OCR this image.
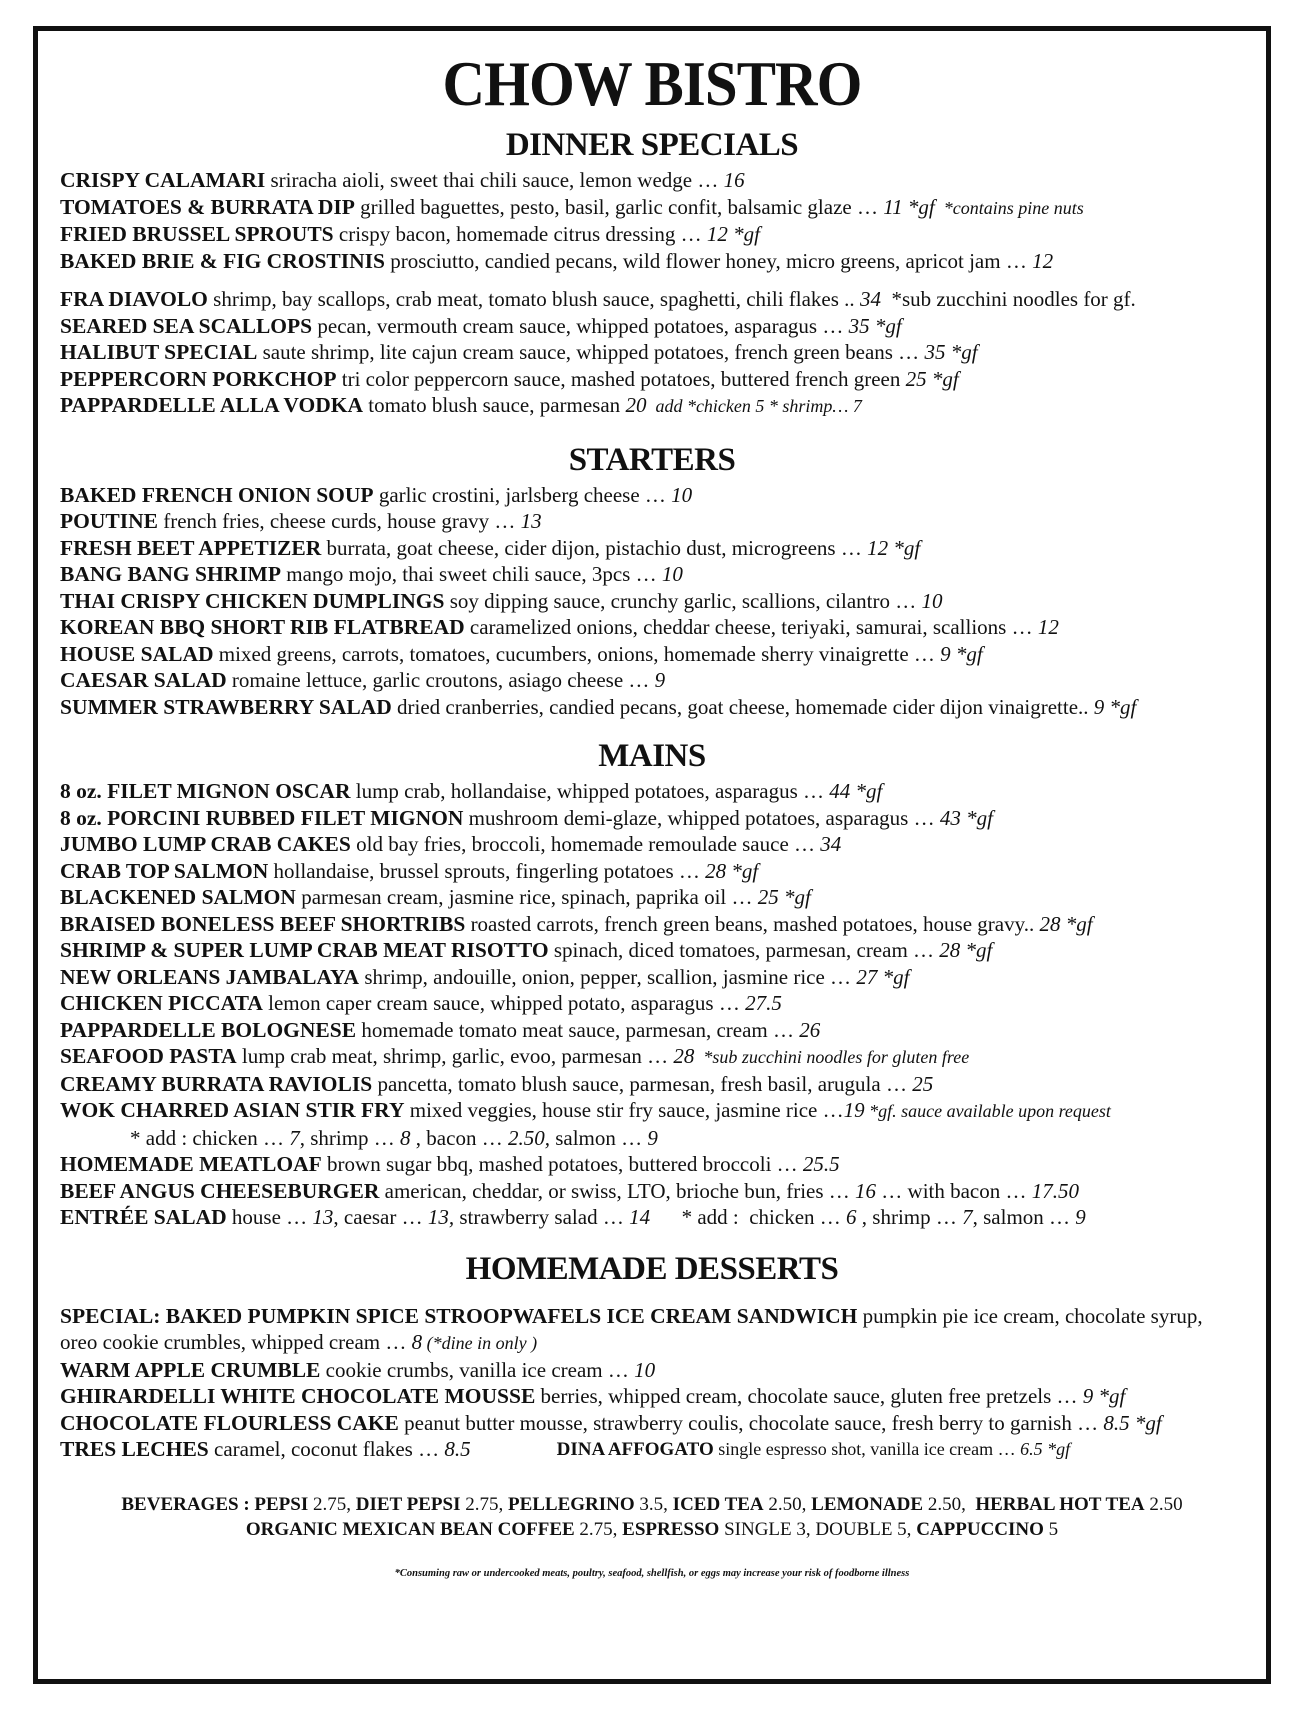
CHOW BISTRO
DINNER SPECIALS
CRISPY CALAMARI sriracha aioli, sweet thai chili sauce, lemon wedge … 16
TOMATOES & BURRATA DIP grilled baguettes, pesto, basil, garlic confit, balsamic glaze … 11 *gf  *contains pine nuts
FRIED BRUSSEL SPROUTS crispy bacon, homemade citrus dressing … 12 *gf
BAKED BRIE & FIG CROSTINIS prosciutto, candied pecans, wild flower honey, micro greens, apricot jam … 12
FRA DIAVOLO shrimp, bay scallops, crab meat, tomato blush sauce, spaghetti, chili flakes .. 34  *sub zucchini noodles for gf.
SEARED SEA SCALLOPS pecan, vermouth cream sauce, whipped potatoes, asparagus … 35 *gf
HALIBUT SPECIAL saute shrimp, lite cajun cream sauce, whipped potatoes, french green beans … 35 *gf
PEPPERCORN PORKCHOP tri color peppercorn sauce, mashed potatoes, buttered french green 25 *gf
PAPPARDELLE ALLA VODKA tomato blush sauce, parmesan 20  add *chicken 5 * shrimp… 7
STARTERS
BAKED FRENCH ONION SOUP garlic crostini, jarlsberg cheese … 10
POUTINE french fries, cheese curds, house gravy … 13
FRESH BEET APPETIZER burrata, goat cheese, cider dijon, pistachio dust, microgreens … 12 *gf
BANG BANG SHRIMP mango mojo, thai sweet chili sauce, 3pcs … 10
THAI CRISPY CHICKEN DUMPLINGS soy dipping sauce, crunchy garlic, scallions, cilantro … 10
KOREAN BBQ SHORT RIB FLATBREAD caramelized onions, cheddar cheese, teriyaki, samurai, scallions … 12
HOUSE SALAD mixed greens, carrots, tomatoes, cucumbers, onions, homemade sherry vinaigrette … 9 *gf
CAESAR SALAD romaine lettuce, garlic croutons, asiago cheese … 9
SUMMER STRAWBERRY SALAD dried cranberries, candied pecans, goat cheese, homemade cider dijon vinaigrette.. 9 *gf
MAINS
8 oz. FILET MIGNON OSCAR lump crab, hollandaise, whipped potatoes, asparagus … 44 *gf
8 oz. PORCINI RUBBED FILET MIGNON mushroom demi-glaze, whipped potatoes, asparagus … 43 *gf
JUMBO LUMP CRAB CAKES old bay fries, broccoli, homemade remoulade sauce … 34
CRAB TOP SALMON hollandaise, brussel sprouts, fingerling potatoes … 28 *gf
BLACKENED SALMON parmesan cream, jasmine rice, spinach, paprika oil … 25 *gf
BRAISED BONELESS BEEF SHORTRIBS roasted carrots, french green beans, mashed potatoes, house gravy.. 28 *gf
SHRIMP & SUPER LUMP CRAB MEAT RISOTTO spinach, diced tomatoes, parmesan, cream … 28 *gf
NEW ORLEANS JAMBALAYA shrimp, andouille, onion, pepper, scallion, jasmine rice … 27 *gf
CHICKEN PICCATA lemon caper cream sauce, whipped potato, asparagus … 27.5
PAPPARDELLE BOLOGNESE homemade tomato meat sauce, parmesan, cream … 26
SEAFOOD PASTA lump crab meat, shrimp, garlic, evoo, parmesan … 28  *sub zucchini noodles for gluten free
CREAMY BURRATA RAVIOLIS pancetta, tomato blush sauce, parmesan, fresh basil, arugula … 25
WOK CHARRED ASIAN STIR FRY mixed veggies, house stir fry sauce, jasmine rice …19 *gf. sauce available upon request
* add : chicken … 7, shrimp … 8 , bacon … 2.50, salmon … 9
HOMEMADE MEATLOAF brown sugar bbq, mashed potatoes, buttered broccoli … 25.5
BEEF ANGUS CHEESEBURGER american, cheddar, or swiss, LTO, brioche bun, fries … 16 … with bacon … 17.50
ENTRÉE SALAD house … 13, caesar … 13, strawberry salad … 14      * add :  chicken … 6 , shrimp … 7, salmon … 9
HOMEMADE DESSERTS
SPECIAL: BAKED PUMPKIN SPICE STROOPWAFELS ICE CREAM SANDWICH pumpkin pie ice cream, chocolate syrup, oreo cookie crumbles, whipped cream … 8 (*dine in only )
WARM APPLE CRUMBLE cookie crumbs, vanilla ice cream … 10
GHIRARDELLI WHITE CHOCOLATE MOUSSE berries, whipped cream, chocolate sauce, gluten free pretzels … 9 *gf
CHOCOLATE FLOURLESS CAKE peanut butter mousse, strawberry coulis, chocolate sauce, fresh berry to garnish … 8.5 *gf
TRES LECHES caramel, coconut flakes … 8.5	DINA AFFOGATO single espresso shot, vanilla ice cream … 6.5 *gf
BEVERAGES : PEPSI 2.75, DIET PEPSI 2.75, PELLEGRINO 3.5, ICED TEA 2.50, LEMONADE 2.50,  HERBAL HOT TEA 2.50
ORGANIC MEXICAN BEAN COFFEE 2.75, ESPRESSO SINGLE 3, DOUBLE 5, CAPPUCCINO 5
*Consuming raw or undercooked meats, poultry, seafood, shellfish, or eggs may increase your risk of foodborne illness
